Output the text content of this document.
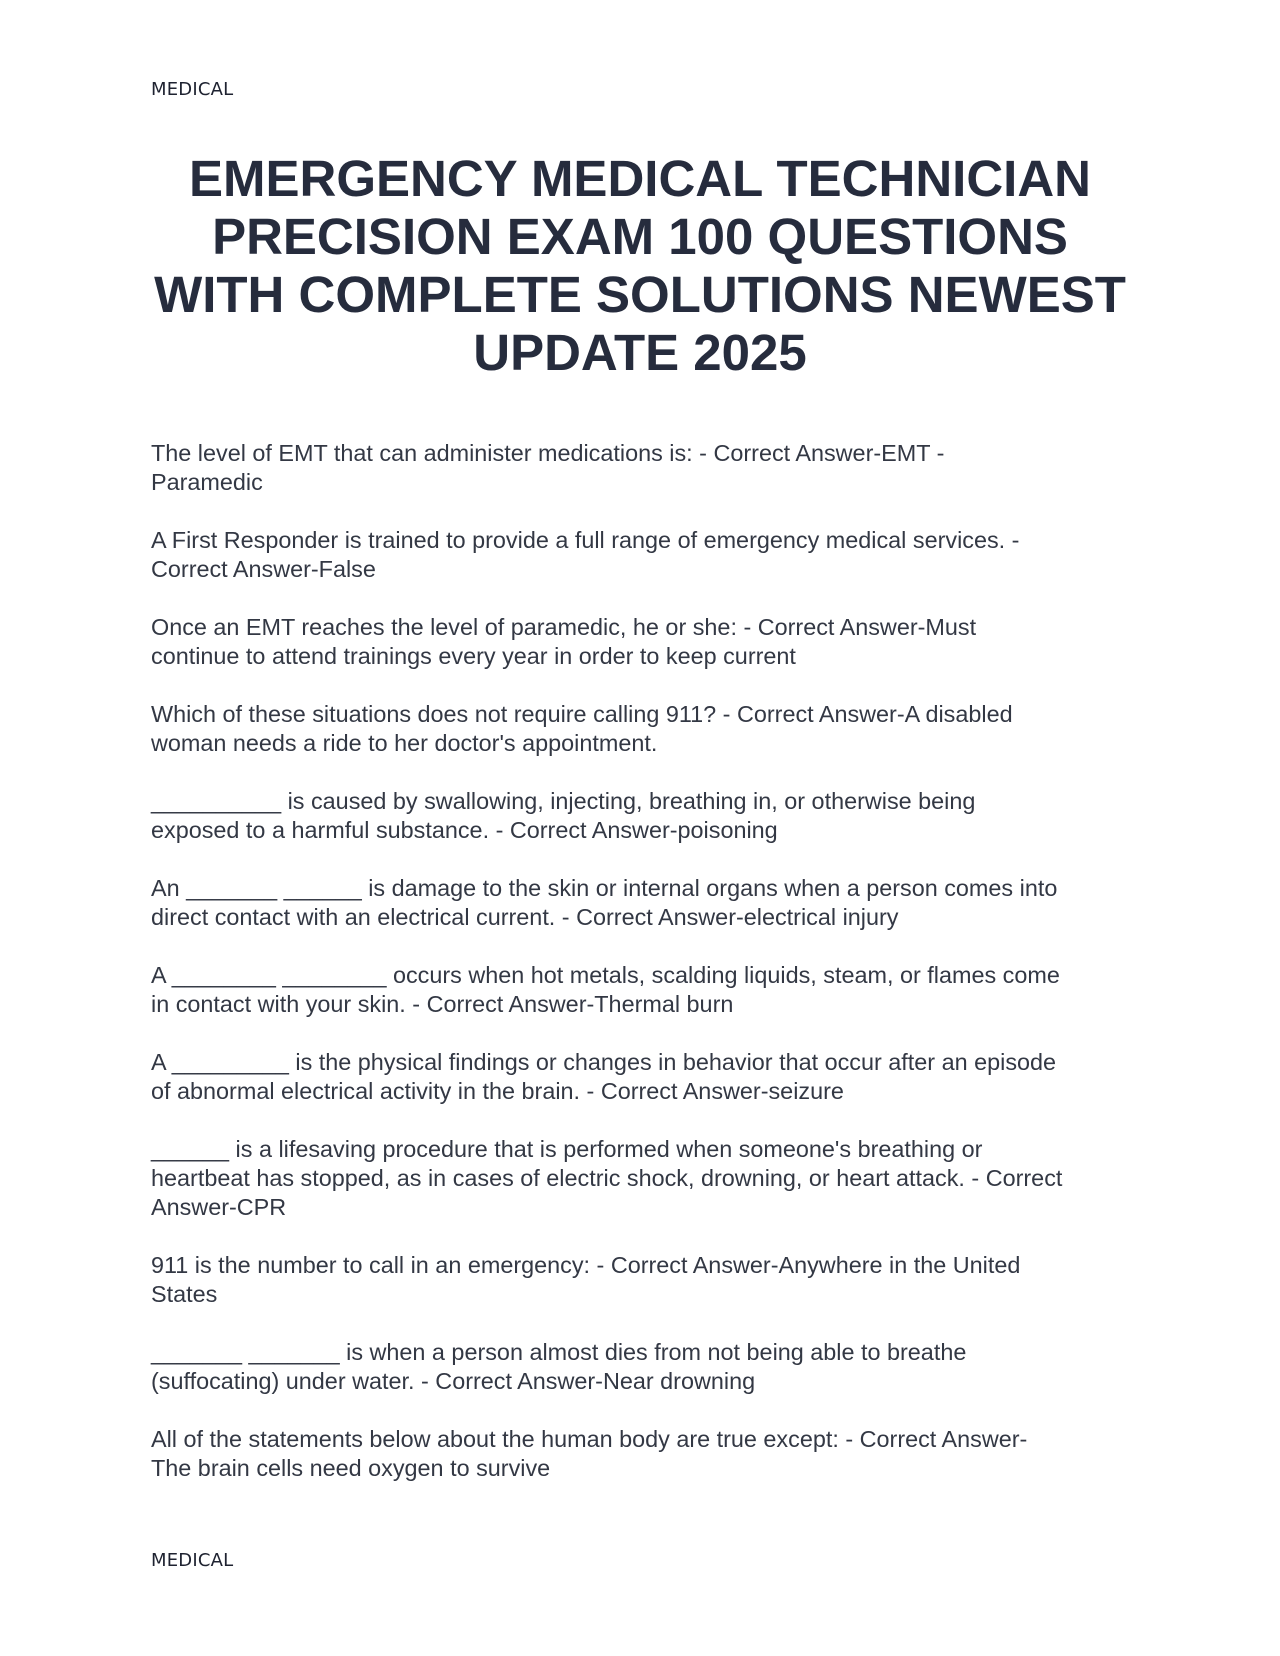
MEDICAL
EMERGENCY MEDICAL TECHNICIAN PRECISION EXAM 100 QUESTIONS WITH COMPLETE SOLUTIONS NEWEST UPDATE 2025
The level of EMT that can administer medications is: - Correct Answer-EMT -
Paramedic
A First Responder is trained to provide a full range of emergency medical services. -
Correct Answer-False
Once an EMT reaches the level of paramedic, he or she: - Correct Answer-Must
continue to attend trainings every year in order to keep current
Which of these situations does not require calling 911? - Correct Answer-A disabled
woman needs a ride to her doctor's appointment.
__________ is caused by swallowing, injecting, breathing in, or otherwise being
exposed to a harmful substance. - Correct Answer-poisoning
An _______ ______ is damage to the skin or internal organs when a person comes into
direct contact with an electrical current. - Correct Answer-electrical injury
A ________ ________ occurs when hot metals, scalding liquids, steam, or flames come
in contact with your skin. - Correct Answer-Thermal burn
A _________ is the physical findings or changes in behavior that occur after an episode
of abnormal electrical activity in the brain. - Correct Answer-seizure
______ is a lifesaving procedure that is performed when someone's breathing or
heartbeat has stopped, as in cases of electric shock, drowning, or heart attack. - Correct
Answer-CPR
911 is the number to call in an emergency: - Correct Answer-Anywhere in the United
States
_______ _______ is when a person almost dies from not being able to breathe
(suffocating) under water. - Correct Answer-Near drowning
All of the statements below about the human body are true except: - Correct Answer-
The brain cells need oxygen to survive
MEDICAL
